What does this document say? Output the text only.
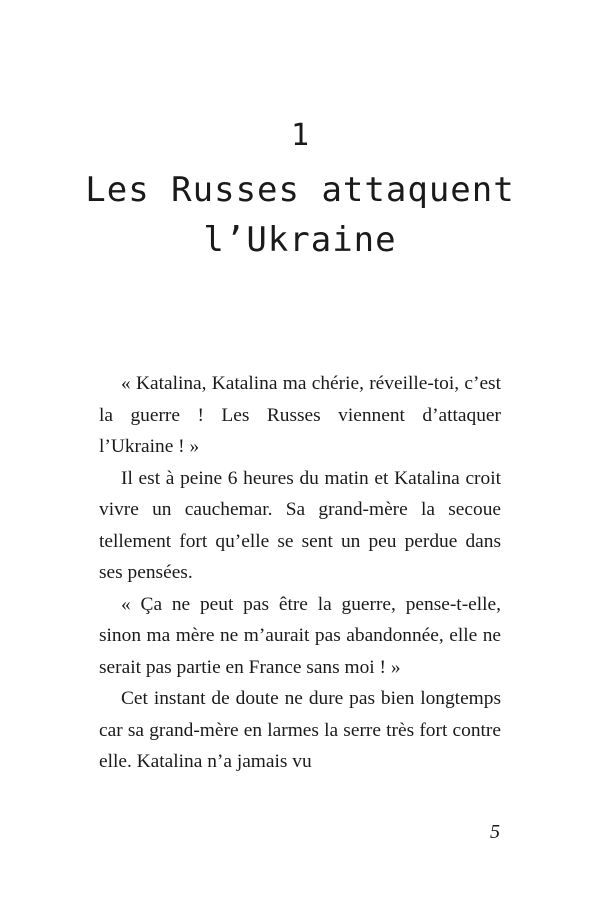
1
Les Russes attaquent l’Ukraine

« Katalina, Katalina ma chérie, réveille-toi, c’est la guerre ! Les Russes viennent d’attaquer l’Ukraine ! »

Il est à peine 6 heures du matin et Katalina croit vivre un cauchemar. Sa grand-mère la secoue tellement fort qu’elle se sent un peu perdue dans ses pensées.

« Ça ne peut pas être la guerre, pense-t-elle, sinon ma mère ne m’aurait pas abandonnée, elle ne serait pas partie en France sans moi ! »

Cet instant de doute ne dure pas bien longtemps car sa grand-mère en larmes la serre très fort contre elle. Katalina n’a jamais vu

5
